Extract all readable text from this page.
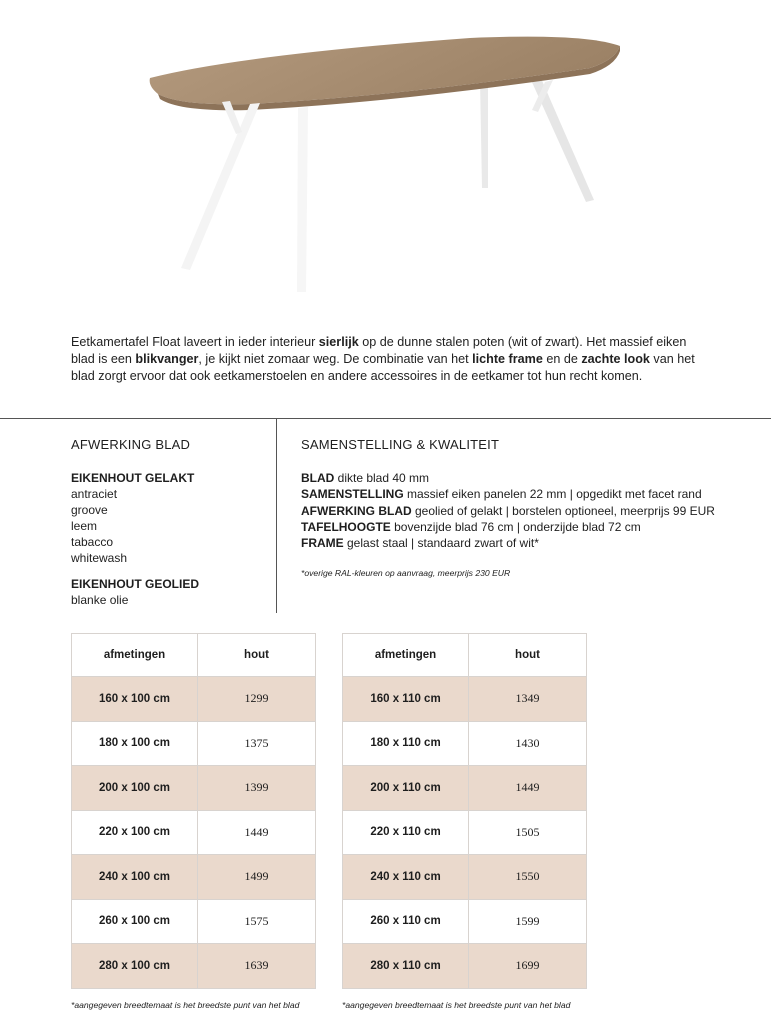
Eetkamertafel Float laveert in ieder interieur sierlijk op de dunne stalen poten (wit of zwart). Het massief eiken blad is een blikvanger, je kijkt niet zomaar weg. De combinatie van het lichte frame en de zachte look van het blad zorgt ervoor dat ook eetkamerstoelen en andere accessoires in de eetkamer tot hun recht komen.

AFWERKING BLAD
EIKENHOUT GELAKT
antraciet
groove
leem
tabacco
whitewash
EIKENHOUT GEOLIED
blanke olie
SAMENSTELLING & KWALITEIT
BLAD dikte blad 40 mm
SAMENSTELLING massief eiken panelen 22 mm | opgedikt met facet rand
AFWERKING BLAD geolied of gelakt | borstelen optioneel, meerprijs 99 EUR
TAFELHOOGTE bovenzijde blad 76 cm | onderzijde blad 72 cm
FRAME gelast staal | standaard zwart of wit*
*overige RAL-kleuren op aanvraag, meerprijs 230 EUR
afmetingen	hout
160 x 100 cm	1299
180 x 100 cm	1375
200 x 100 cm	1399
220 x 100 cm	1449
240 x 100 cm	1499
260 x 100 cm	1575
280 x 100 cm	1639
afmetingen	hout
160 x 110 cm	1349
180 x 110 cm	1430
200 x 110 cm	1449
220 x 110 cm	1505
240 x 110 cm	1550
260 x 110 cm	1599
280 x 110 cm	1699
*aangegeven breedtemaat is het breedste punt van het blad	*aangegeven breedtemaat is het breedste punt van het blad
